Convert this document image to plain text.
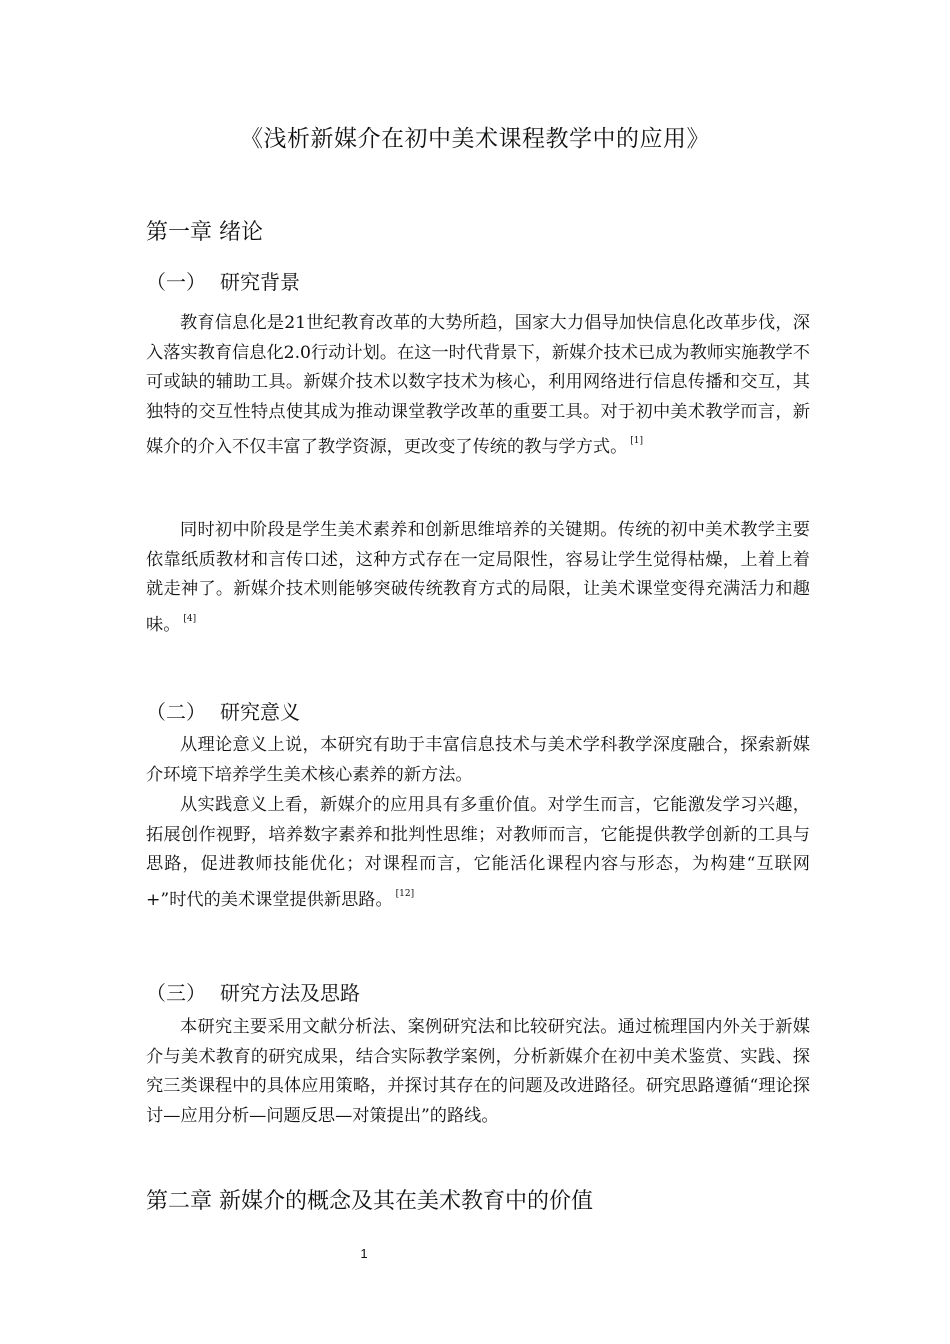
《浅析新媒介在初中美术课程教学中的应用》
第一章 绪论
（一） 研究背景

教育信息化是21世纪教育改革的大势所趋，国家大力倡导加快信息化改革步伐，深入落实教育信息化2.0行动计划。在这一时代背景下，新媒介技术已成为教师实施教学不可或缺的辅助工具。新媒介技术以数字技术为核心，利用网络进行信息传播和交互，其独特的交互性特点使其成为推动课堂教学改革的重要工具。对于初中美术教学而言，新媒介的介入不仅丰富了教学资源，更改变了传统的教与学方式。 [1]

同时初中阶段是学生美术素养和创新思维培养的关键期。传统的初中美术教学主要依靠纸质教材和言传口述，这种方式存在一定局限性，容易让学生觉得枯燥，上着上着就走神了。新媒介技术则能够突破传统教育方式的局限，让美术课堂变得充满活力和趣味。 [4]

（二） 研究意义

从理论意义上说，本研究有助于丰富信息技术与美术学科教学深度融合，探索新媒介环境下培养学生美术核心素养的新方法。

从实践意义上看，新媒介的应用具有多重价值。对学生而言，它能激发学习兴趣，拓展创作视野，培养数字素养和批判性思维；对教师而言，它能提供教学创新的工具与思路，促进教师技能优化；对课程而言，它能活化课程内容与形态，为构建“互联网+”时代的美术课堂提供新思路。 [12]

（三） 研究方法及思路

本研究主要采用文献分析法、案例研究法和比较研究法。通过梳理国内外关于新媒介与美术教育的研究成果，结合实际教学案例，分析新媒介在初中美术鉴赏、实践、探究三类课程中的具体应用策略，并探讨其存在的问题及改进路径。研究思路遵循“理论探讨—应用分析—问题反思—对策提出”的路线。

第二章 新媒介的概念及其在美术教育中的价值
1
